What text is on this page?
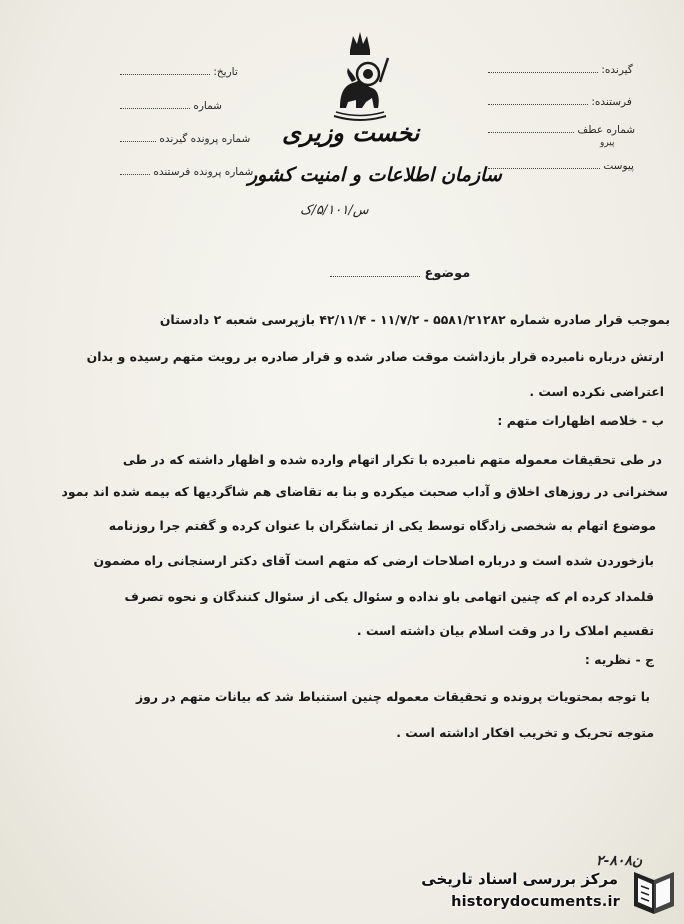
نخست وزیری
سازمان اطلاعات و امنیت کشور
س/۵/۱۰۱/ک
تاریخ:
شماره
شماره پرونده گیرنده
شماره پرونده فرستنده
گیرنده:
فرستنده:
شماره عطف
پیرو
پیوست
موضوع
بموجب قرار صادره شماره ۵۵۸۱/۲۱۲۸۲ - ۱۱/۷/۲ - ۴۲/۱۱/۴ بازپرسی شعبه ۲ دادستان
ارتش درباره نامبرده قرار بازداشت موقت صادر شده و قرار صادره بر رویت متهم رسیده و بدان
اعتراضی نکرده است .
ب - خلاصه اظهارات متهم :
در طی تحقیقات معموله متهم نامبرده با تکرار اتهام وارده شده و اظهار داشته که در طی
سخنرانی در روزهای اخلاق و آداب صحبت میکرده و بنا به تقاضای هم شاگردیها که بیمه شده اند بمود
موضوع اتهام به شخصی زادگاه توسط یکی از تماشگران با عنوان کرده و گفتم جرا روزنامه
بازخوردن شده است و درباره اصلاحات ارضی که متهم است آقای دکتر ارسنجانی راه مضمون
قلمداد کرده ام که چنین اتهامی باو نداده و سئوال یکی از سئوال کنندگان و نحوه تصرف
تقسیم املاک را در وقت اسلام بیان داشته است .
ج - نظریه :
با توجه بمحتویات پرونده و تحقیقات معموله چنین استنباط شد که بیانات متهم در روز
متوجه تحریک و تخریب افکار اداشته است .
۲-۸۰۸ن
مرکز بررسی اسناد تاریخی
historydocuments.ir
